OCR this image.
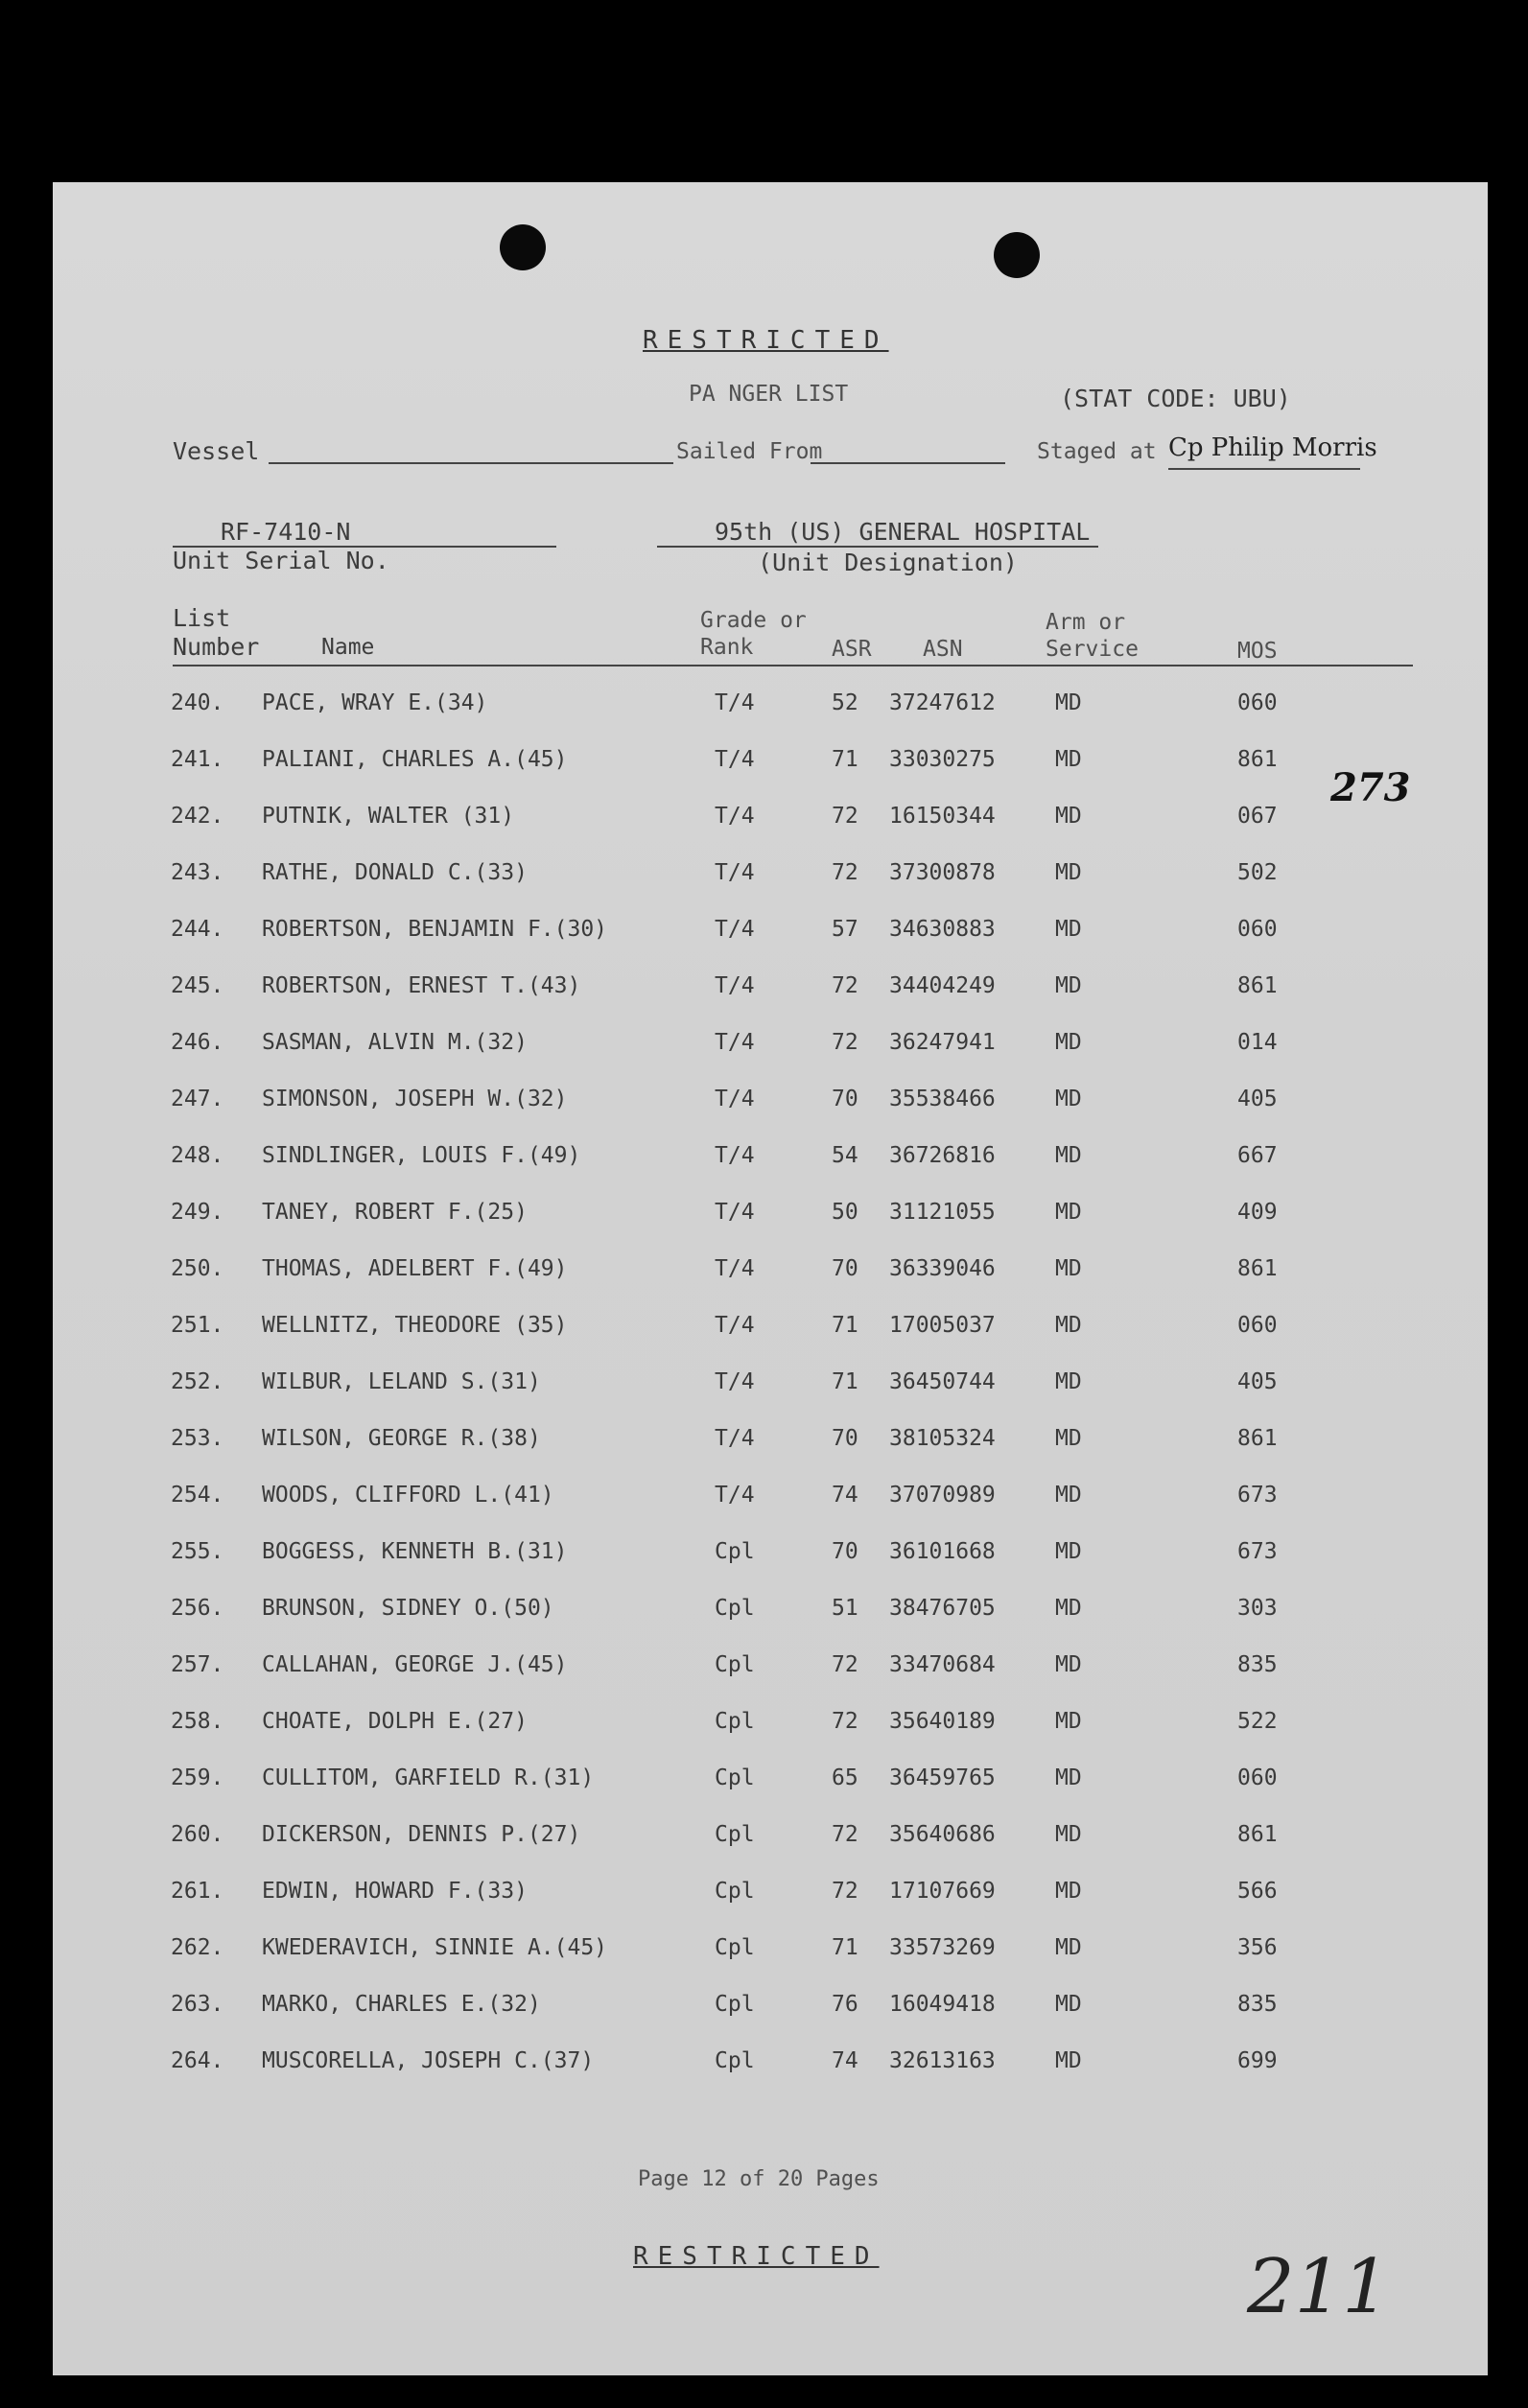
RESTRICTED
PA NGER LIST	(STAT CODE: UBU)
Vessel	Sailed From	Staged at Cp Philip Morris
RF-7410-N
Unit Serial No.
95th (US) GENERAL HOSPITAL
(Unit Designation)
List
Number	Name
Grade or
Rank	ASR ASN
Arm or
Service	MOS
240. PACE, WRAY E.(34)	T/4	52 37247612	MD	060
241. PALIANI, CHARLES A.(45)	T/4	71 33030275	MD	861
242. PUTNIK, WALTER (31)	T/4	72 16150344	MD	067
243. RATHE, DONALD C.(33)	T/4	72 37300878	MD	502
244. ROBERTSON, BENJAMIN F.(30)	T/4	57 34630883	MD	060
245. ROBERTSON, ERNEST T.(43)	T/4	72 34404249	MD	861
246. SASMAN, ALVIN M.(32)	T/4	72 36247941	MD	014
247. SIMONSON, JOSEPH W.(32)	T/4	70 35538466	MD	405
248. SINDLINGER, LOUIS F.(49)	T/4	54 36726816	MD	667
249. TANEY, ROBERT F.(25)	T/4	50 31121055	MD	409
250. THOMAS, ADELBERT F.(49)	T/4	70 36339046	MD	861
251. WELLNITZ, THEODORE (35)	T/4	71 17005037	MD	060
252. WILBUR, LELAND S.(31)	T/4	71 36450744	MD	405
253. WILSON, GEORGE R.(38)	T/4	70 38105324	MD	861
254. WOODS, CLIFFORD L.(41)	T/4	74 37070989	MD	673
255. BOGGESS, KENNETH B.(31)	Cpl	70 36101668	MD	673
256. BRUNSON, SIDNEY O.(50)	Cpl	51 38476705	MD	303
257. CALLAHAN, GEORGE J.(45)	Cpl	72 33470684	MD	835
258. CHOATE, DOLPH E.(27)	Cpl	72 35640189	MD	522
259. CULLITOM, GARFIELD R.(31)	Cpl	65 36459765	MD	060
260. DICKERSON, DENNIS P.(27)	Cpl	72 35640686	MD	861
261. EDWIN, HOWARD F.(33)	Cpl	72 17107669	MD	566
262. KWEDERAVICH, SINNIE A.(45)	Cpl	71 33573269	MD	356
263. MARKO, CHARLES E.(32)	Cpl	76 16049418	MD	835
264. MUSCORELLA, JOSEPH C.(37)	Cpl	74 32613163	MD	699
273
211
Page 12 of 20 Pages
RESTRICTED
